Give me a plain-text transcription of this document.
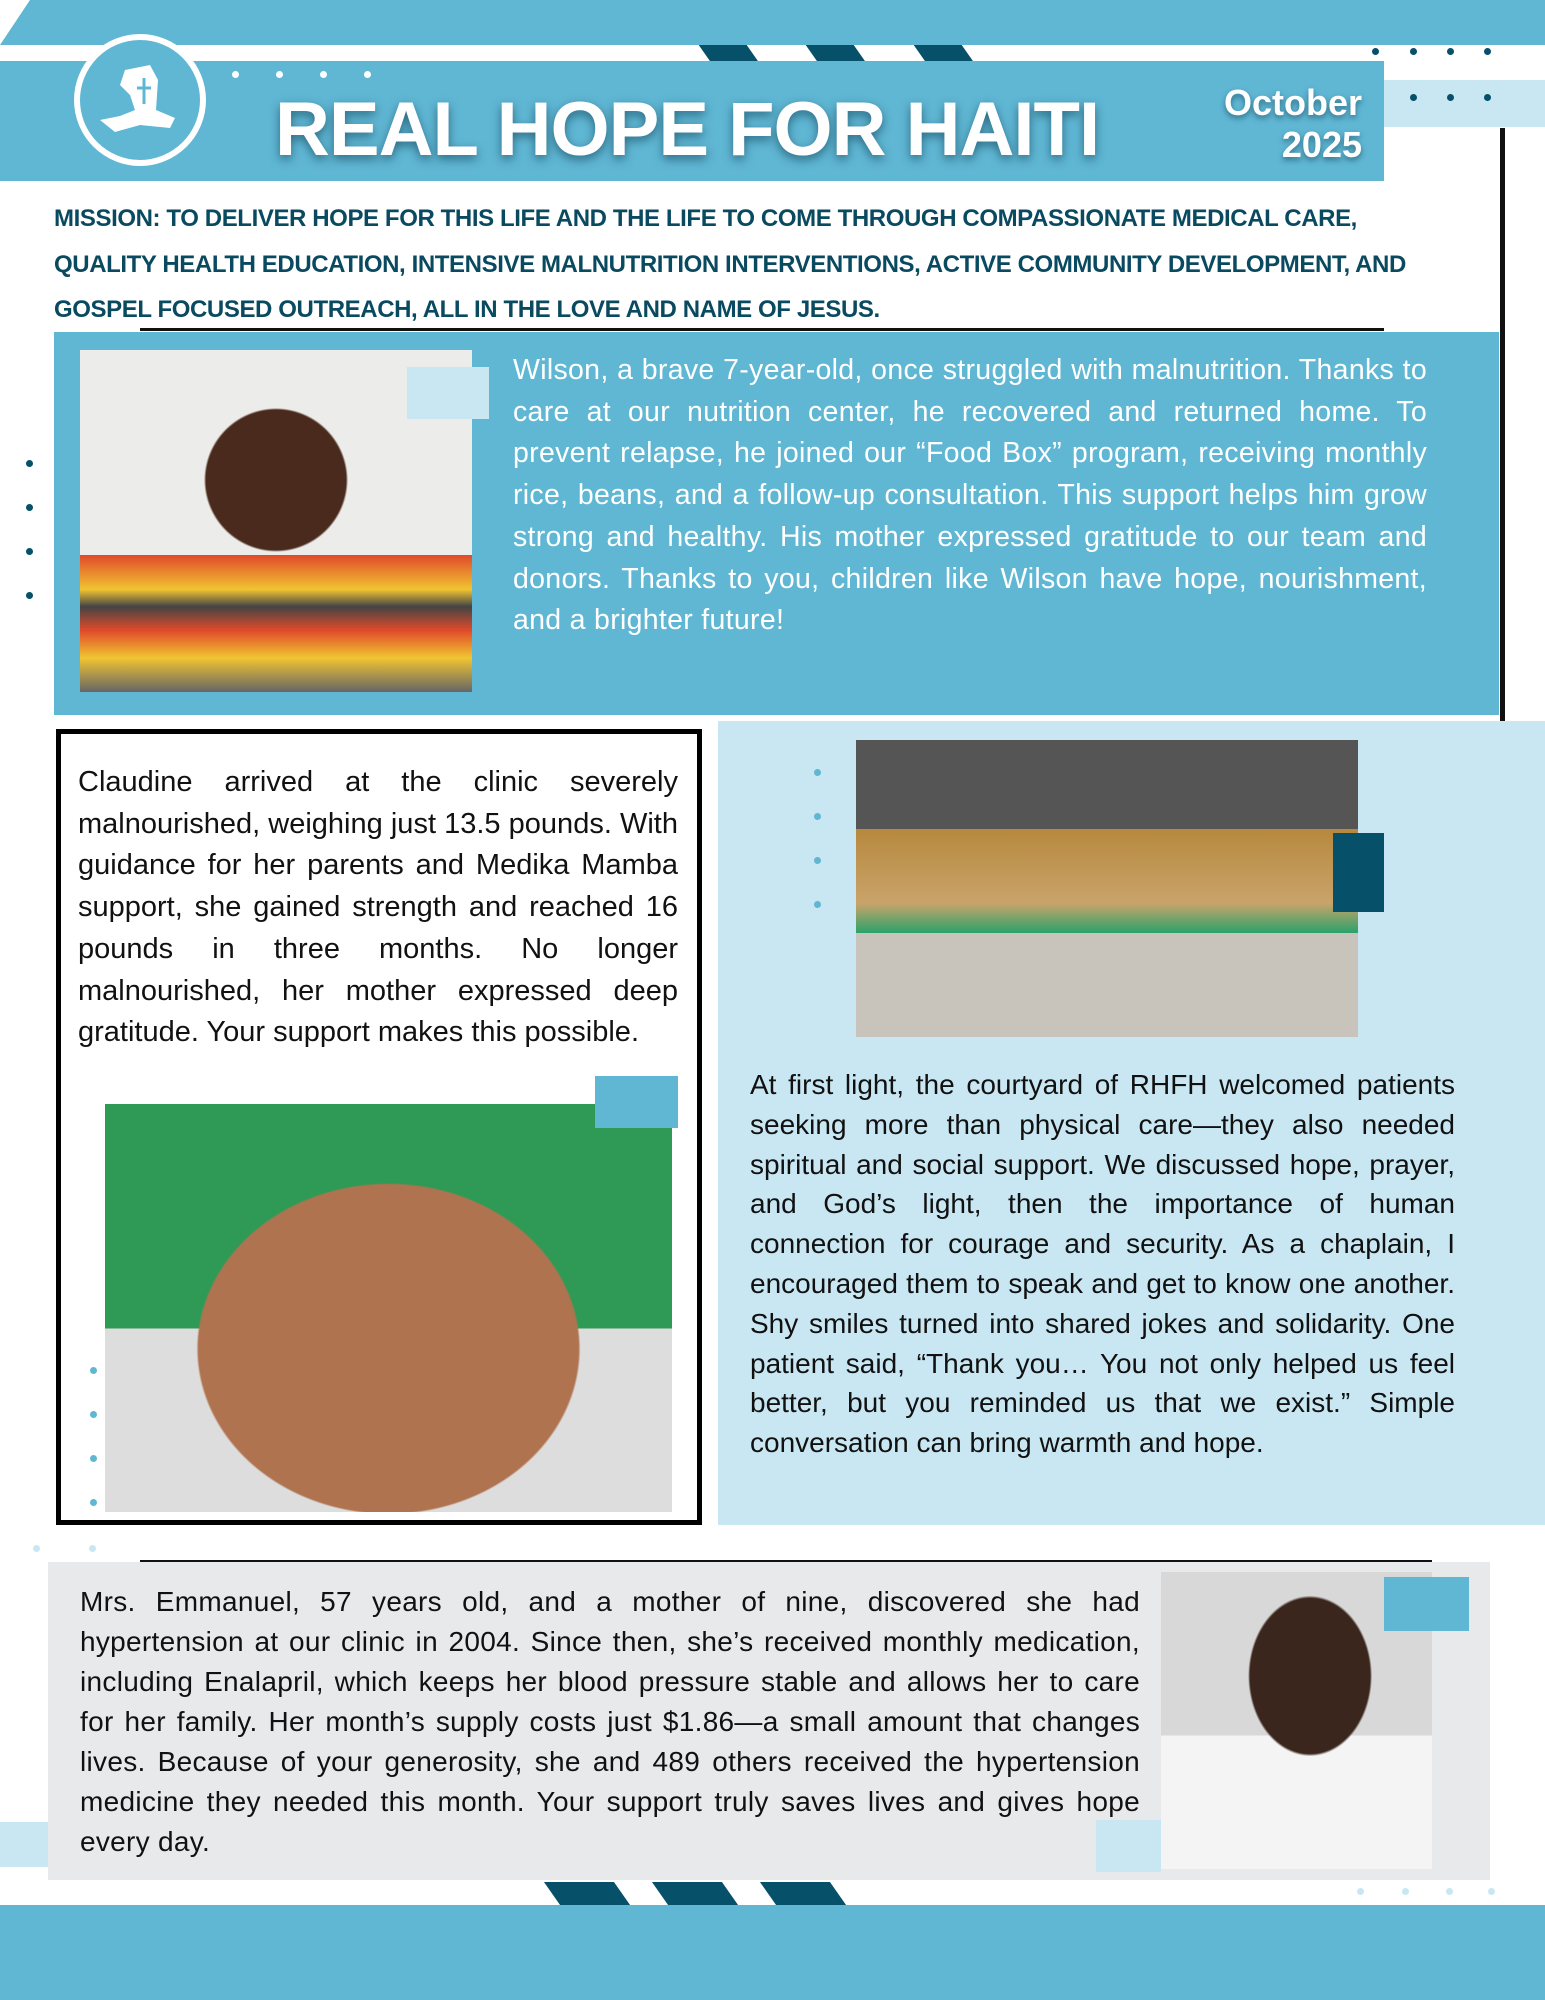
REAL HOPE FOR HAITI	October
2025
MISSION: TO DELIVER HOPE FOR THIS LIFE AND THE LIFE TO COME THROUGH COMPASSIONATE MEDICAL CARE, QUALITY HEALTH EDUCATION, INTENSIVE MALNUTRITION INTERVENTIONS, ACTIVE COMMUNITY DEVELOPMENT, AND GOSPEL FOCUSED OUTREACH, ALL IN THE LOVE AND NAME OF JESUS.
Wilson, a brave 7-year-old, once struggled with malnutrition. Thanks to care at our nutrition center, he recovered and returned home. To prevent relapse, he joined our “Food Box” program, receiving monthly rice, beans, and a follow-up consultation. This support helps him grow strong and healthy. His mother expressed gratitude to our team and donors. Thanks to you, children like Wilson have hope, nourishment, and a brighter future!
Claudine arrived at the clinic severely malnourished, weighing just 13.5 pounds. With guidance for her parents and Medika Mamba support, she gained strength and reached 16 pounds in three months. No longer malnourished, her mother expressed deep gratitude. Your support makes this possible.
At first light, the courtyard of RHFH welcomed patients seeking more than physical care—they also needed spiritual and social support. We discussed hope, prayer, and God’s light, then the importance of human connection for courage and security. As a chaplain, I encouraged them to speak and get to know one another. Shy smiles turned into shared jokes and solidarity. One patient said, “Thank you… You not only helped us feel better, but you reminded us that we exist.” Simple conversation can bring warmth and hope.
Mrs. Emmanuel, 57 years old, and a mother of nine, discovered she had hypertension at our clinic in 2004. Since then, she’s received monthly medication, including Enalapril, which keeps her blood pressure stable and allows her to care for her family. Her month’s supply costs just $1.86—a small amount that changes lives. Because of your generosity, she and 489 others received the hypertension medicine they needed this month. Your support truly saves lives and gives hope every day.
